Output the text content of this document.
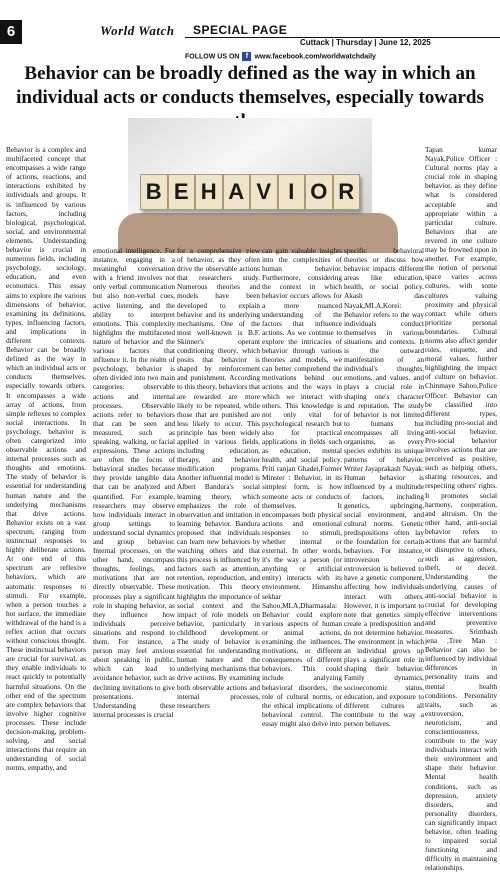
6	World Watch SPECIAL PAGE
Cuttack | Thursday | June 12, 2025
FOLLOW US ON f www.facebook.com/worldwatchdaily
Behavior can be broadly defined as the way in which an individual acts or conducts themselves, especially towards
B E H A V I O R

Behavior is a complex and multifaceted concept that encompasses a wide range of actions, reactions, and interactions exhibited by individuals and groups. It is influenced by various factors, including biological, psychological, social, and environmental elements. Understanding behavior is crucial in numerous fields, including psychology, sociology, education, and even economics. This essay aims to explore the various dimensions of behavior, examining its definitions, types, influencing factors, and implications in different contexts. Behavior can be broadly defined as the way in which an individual acts or conducts themselves, especially towards others. It encompasses a wide array of actions, from simple reflexes to complex social interactions. In psychology, behavior is often categorized into observable actions and internal processes such as thoughts and emotions. The study of behavior is essential for understanding human nature and the underlying mechanisms that drive actions. Behavior exists on a vast spectrum, ranging from instinctual responses to highly deliberate actions. At one end of this spectrum are reflexive behaviors, which are automatic responses to stimuli. For example, when a person touches a hot surface, the immediate withdrawal of the hand is a reflex action that occurs without conscious thought. These instinctual behaviors are crucial for survival, as they enable individuals to react quickly to potentially harmful situations. On the other end of the spectrum are complex behaviors that involve higher cognitive processes. These include decision-making, problem-solving, and social interactions that require an understanding of social norms, empathy, and

emotional intelligence. For instance, engaging in a meaningful conversation with a friend involves not only verbal communication but also non-verbal cues, active listening, and the ability to interpret emotions. This complexity highlights the multifaceted nature of behavior and the various factors that influence it. In the realm of psychology, behavior is often divided into two main categories: observable actions and internal processes. Observable actions refer to behaviors that can be seen and measured, such as speaking, walking, or facial expressions. These actions are often the focus of behavioral studies because they provide tangible data that can be analyzed and quantified. For example, researchers may observe how individuals interact in group settings to understand social dynamics and group behavior. Internal processes, on the other hand, encompass thoughts, feelings, and motivations that are not directly observable. These processes play a significant role in shaping behavior, as they influence how individuals perceive situations and respond to them. For instance, a person may feel anxious about speaking in public, which can lead to avoidance behavior, such as declining invitations to give presentations. Understanding these internal processes is crucial

for a comprehensive view of behavior, as they often drive the observable actions that researchers study. Numerous theories and models have been developed to explain behavior and its underlying mechanisms. One of the most well-known is B.F. Skinner's operant conditioning theory, which posits that behavior is shaped by reinforcement and punishment. According to this theory, behaviors that are rewarded are more likely to be repeated, while those that are punished are less likely to occur. This principle has been widely applied in various fields, including education, therapy, and behavior modification programs. Another influential model is Albert Bandura's social learning theory, which emphasizes the role of observation and imitation in learning behavior. Bandura proposed that individuals can learn new behaviors by watching others and that this process is influenced by factors such as attention, retention, reproduction, and motivation. This theory highlights the importance of social context and the impact of role models on behavior, particularly in childhood development. The study of behavior is essential for understanding human nature and the underlying mechanisms that drive actions. By examining both observable actions and internal processes, researchers

can gain valuable insights into the complexities of human behavior. Furthermore, considering the context in which behavior occurs allows for a more nuanced understanding of the factors that influence actions. As we continue to explore the intricacies of behavior through various theories and models, we can better comprehend the motivations behind our actions and the ways in which we interact with others. This knowledge is not only vital for psychological research but also for practical applications in fields such as education, mental health, and social policy. Priti ranjan Ghadei,Former Minster : Behavior, in its simplest form, is how someone acts or conducts themselves. It encompasses both physical actions and emotional responses to stimuli, whether internal or external. In other words, it's the way a person (or anything or artificial entity) interacts with its environment. Himanshu sekhar Sahoo,MLA,Dharmasala: Behavior could explore various aspects of human or animal actions, examining the influences, motivations, or different consequences of different behaviors. This could include analyzing behavioral disorders, the role of cultural norms, or the ethical implications of behavioral control. The essay might also delve into

specific behavioral theories or discuss how behavior impacts different areas like education, health, or social policy. Akash das Nayak,MLA,Korei: Behavior refers to the way individuals conduct themselves in various situations and contexts. It is the outward manifestation of an individual's thoughts, emotions, and values, and plays a crucial role in shaping one's character and reputation. The study of behavior is not limited to humans but encompasses all living organisms, as every species exhibits its unique patterns of behavior. Writer Jayaprakash Nayak: Human behavior is influenced by a multitude of factors, including genetics, upbringing, social environment, and cultural norms. Genetic predispositions often lay the foundation for certain behaviors. For instance, introversion or extroversion is believed to have a genetic component, affecting how individuals interact with others. However, it is important to note that genetics simply create a predisposition and do not determine behavior. The environment in which an individual grows up plays a significant role in shaping their behavior. Family dynamics, socioeconomic status, education, and exposure to different cultures all contribute to the way a person behaves.

Tapan kumar Nayak,Police Officer : Cultural norms play a crucial role in shaping behavior, as they define what is considered acceptable and appropriate within a particular culture. Behaviors that are revered in one culture may be frowned upon in another. For example, the notion of personal space varies across cultures, with some cultures valuing proximity and physical contact while others prioritize personal boundaries. Cultural norms also affect gender roles, etiquette, and moral values, further highlighting the impact of culture on behavior. Chinmaye Sahoo,Police Officer: Behavior can be classified into different types, including pro-social and anti-social behavior. Pro-social behavior involves actions that are perceived as positive, such as helping others, sharing resources, and respecting others' rights. It promotes social harmony, cooperation, and altruism. On the other hand, anti-social behavior refers to actions that are harmful or disruptive to others, such as aggression, theft, or deceit. Understanding the underlying causes of anti-social behavior is crucial for developing effective interventions and preventive measures. Srimbash jena ,Tree Man : Behavior can also be influenced by individual differences in personality traits and mental health conditions. Personality traits, such as extroversion, neuroticism, and conscientiousness, contribute to the way individuals interact with their environment and shape their behavior. Mental health conditions, such as depression, anxiety disorders, and personality disorders, can significantly impact behavior, often leading to impaired social functioning and difficulty in maintaining relationships.
